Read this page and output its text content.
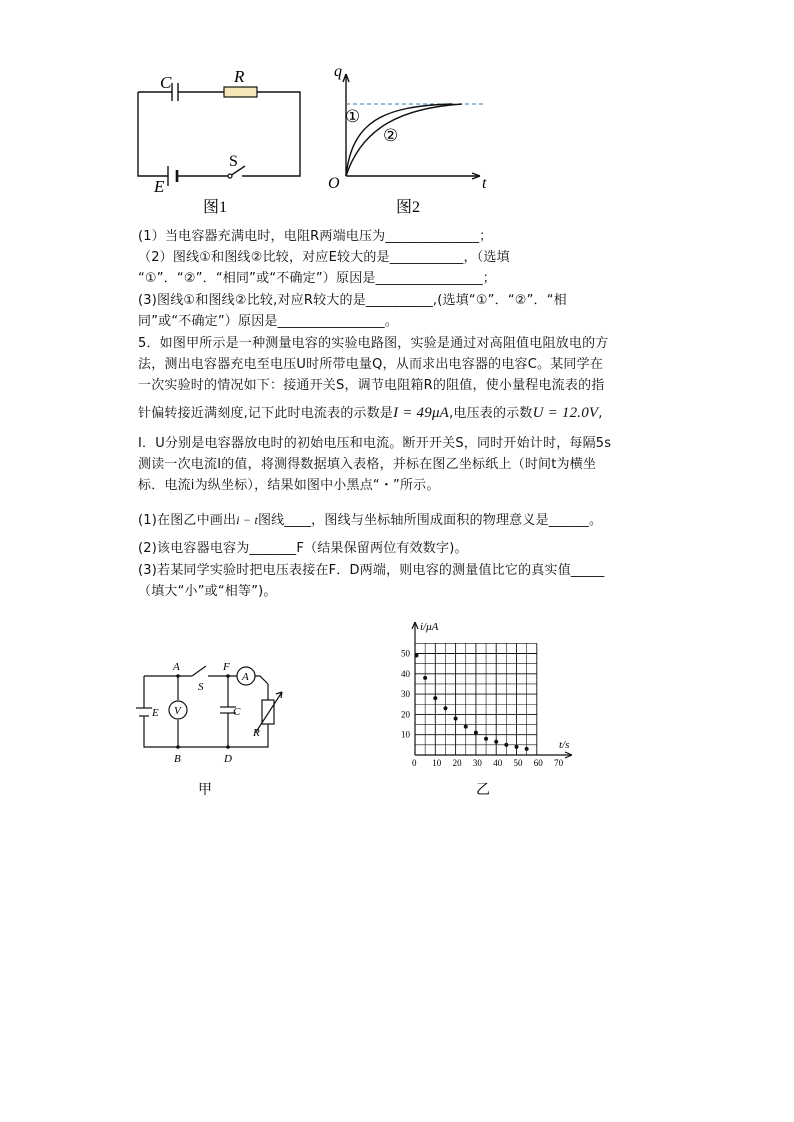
C	R
E
S
图1
q
t
O
①
②
图2
(1）当电容器充满电时，电阻R两端电压为______________；
（2）图线①和图线②比较，对应E较大的是___________，（选填
“①”．“②”．“相同”或“不确定”）原因是________________；
(3)图线①和图线②比较,对应R较大的是__________,(选填“①”．“②”．“相
同”或“不确定”）原因是________________。
5．如图甲所示是一种测量电容的实验电路图，实验是通过对高阻值电阻放电的方
法，测出电容器充电至电压U时所带电量Q，从而求出电容器的电容C。某同学在
一次实验时的情况如下：接通开关S，调节电阻箱R的阻值，使小量程电流表的指
针偏转接近满刻度,记下此时电流表的示数是I = 49μA,电压表的示数U = 12.0V,
I．U分别是电容器放电时的初始电压和电流。断开开关S，同时开始计时，每隔5s
测读一次电流I的值，将测得数据填入表格，并标在图乙坐标纸上（时间t为横坐
标．电流i为纵坐标），结果如图中小黑点“・”所示。
(1)在图乙中画出i − t图线____，图线与坐标轴所围成面积的物理意义是______。
(2)该电容器电容为_______F（结果保留两位有效数字)。
(3)若某同学实验时把电压表接在F．D两端，则电容的测量值比它的真实值_____
（填大“小”或“相等”)。
A	F
S
E V	C
A
R
B	D
甲
0 10 20 30 40 50 60 70
10
20
30
40
50
i/μA
t/s
乙
